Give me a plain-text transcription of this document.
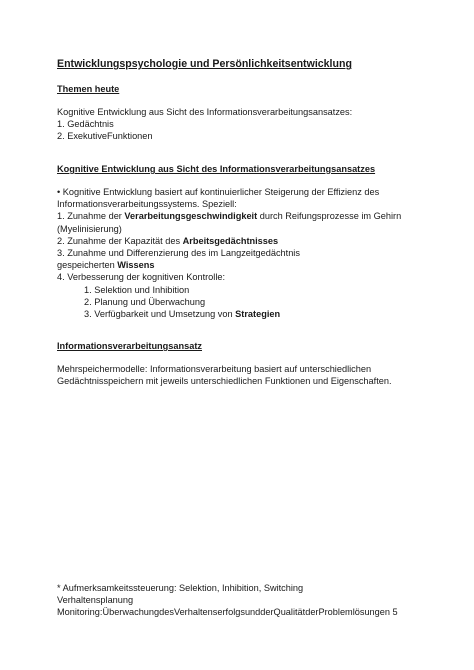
Entwicklungspsychologie und Persönlichkeitsentwicklung

Themen heute

Kognitive Entwicklung aus Sicht des Informationsverarbeitungsansatzes:

1. Gedächtnis

2. ExekutiveFunktionen

Kognitive Entwicklung aus Sicht des Informationsverarbeitungsansatzes

• Kognitive Entwicklung basiert auf kontinuierlicher Steigerung der Effizienz des

Informationsverarbeitungssystems. Speziell:

1. Zunahme der Verarbeitungsgeschwindigkeit durch Reifungsprozesse im Gehirn

(Myelinisierung)

2. Zunahme der Kapazität des Arbeitsgedächtnisses

3. Zunahme und Differenzierung des im Langzeitgedächtnis

gespeicherten Wissens

4. Verbesserung der kognitiven Kontrolle:

1. Selektion und Inhibition

2. Planung und Überwachung

3. Verfügbarkeit und Umsetzung von Strategien

Informationsverarbeitungsansatz

Mehrspeichermodelle: Informationsverarbeitung basiert auf unterschiedlichen

Gedächtnisspeichern mit jeweils unterschiedlichen Funktionen und Eigenschaften.

* Aufmerksamkeitssteuerung: Selektion, Inhibition, Switching

Verhaltensplanung

Monitoring:ÜberwachungdesVerhaltenserfolgsundderQualitätderProblemlösungen 5
